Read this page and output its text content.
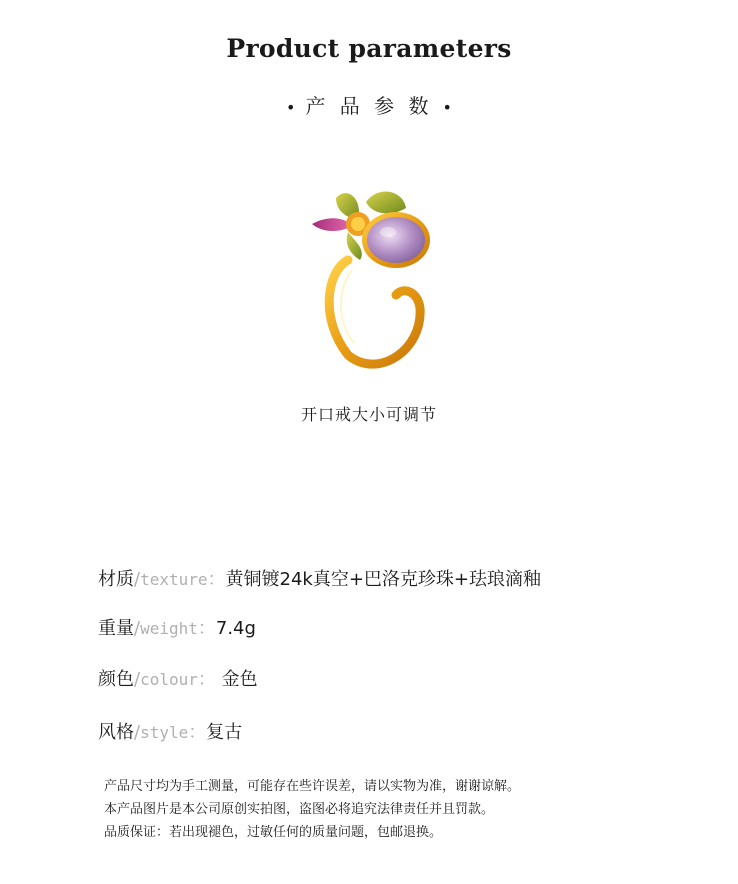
Product parameters
• 产 品 参 数 •
开口戒大小可调节
材质/texture：黄铜镀24k真空+巴洛克珍珠+珐琅滴釉
重量/weight：7.4g
颜色/colour： 金色
风格/style：复古
产品尺寸均为手工测量，可能存在些许误差，请以实物为准，谢谢谅解。
本产品图片是本公司原创实拍图，盗图必将追究法律责任并且罚款。
品质保证：若出现褪色，过敏任何的质量问题，包邮退换。
